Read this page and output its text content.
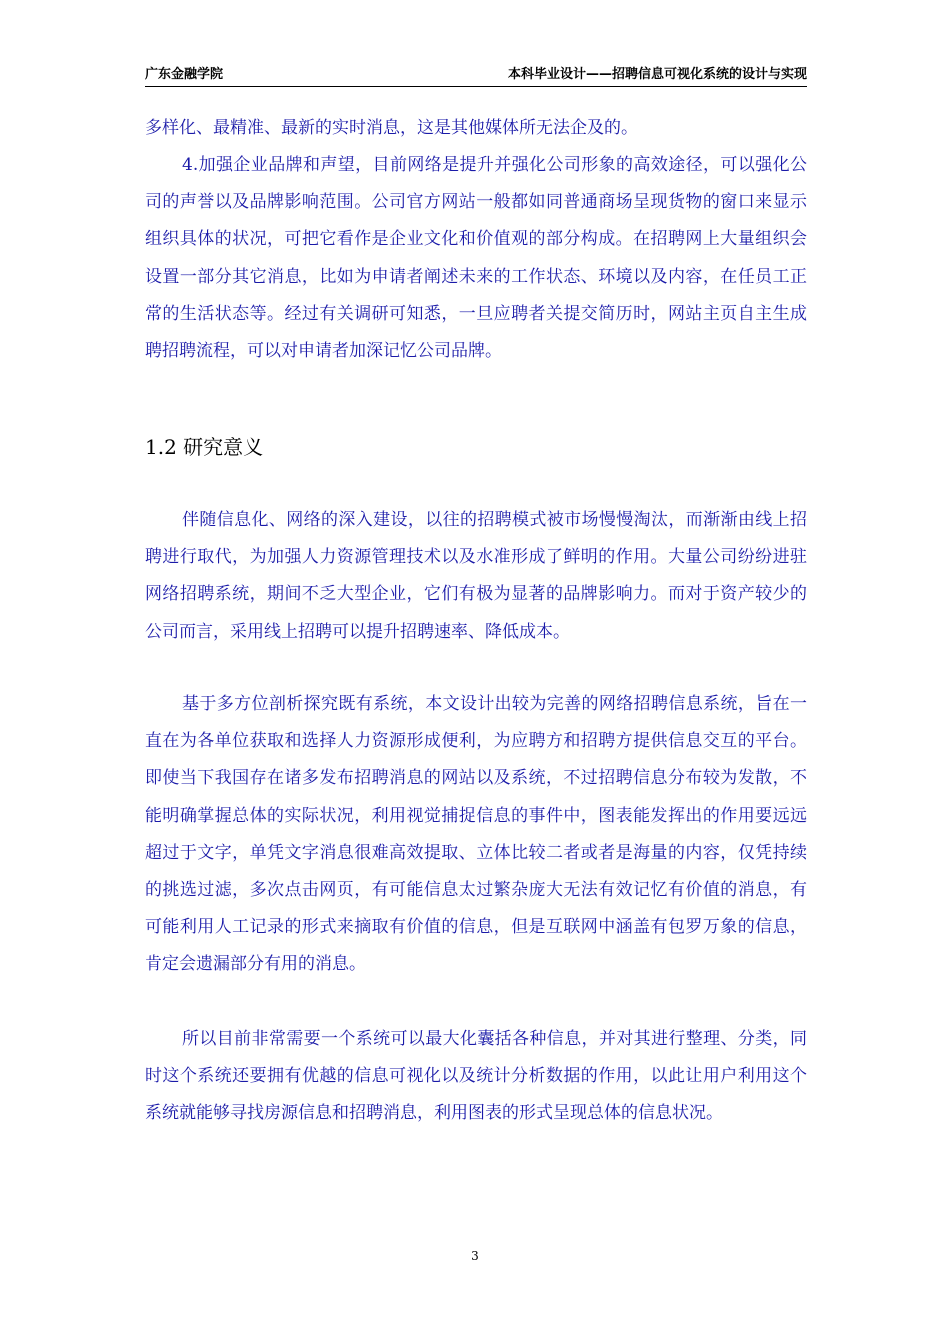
广东金融学院	本科毕业设计——招聘信息可视化系统的设计与实现

多样化、最精准、最新的实时消息，这是其他媒体所无法企及的。

4.加强企业品牌和声望，目前网络是提升并强化公司形象的高效途径，可以强化公司的声誉以及品牌影响范围。公司官方网站一般都如同普通商场呈现货物的窗口来显示组织具体的状况，可把它看作是企业文化和价值观的部分构成。在招聘网上大量组织会设置一部分其它消息，比如为申请者阐述未来的工作状态、环境以及内容，在任员工正常的生活状态等。经过有关调研可知悉，一旦应聘者关提交简历时，网站主页自主生成聘招聘流程，可以对申请者加深记忆公司品牌。

1.2 研究意义

伴随信息化、网络的深入建设，以往的招聘模式被市场慢慢淘汰，而渐渐由线上招聘进行取代，为加强人力资源管理技术以及水准形成了鲜明的作用。大量公司纷纷进驻网络招聘系统，期间不乏大型企业，它们有极为显著的品牌影响力。而对于资产较少的公司而言，采用线上招聘可以提升招聘速率、降低成本。

基于多方位剖析探究既有系统，本文设计出较为完善的网络招聘信息系统，旨在一直在为各单位获取和选择人力资源形成便利，为应聘方和招聘方提供信息交互的平台。即使当下我国存在诸多发布招聘消息的网站以及系统，不过招聘信息分布较为发散，不能明确掌握总体的实际状况，利用视觉捕捉信息的事件中，图表能发挥出的作用要远远超过于文字，单凭文字消息很难高效提取、立体比较二者或者是海量的内容，仅凭持续的挑选过滤，多次点击网页，有可能信息太过繁杂庞大无法有效记忆有价值的消息，有可能利用人工记录的形式来摘取有价值的信息，但是互联网中涵盖有包罗万象的信息，肯定会遗漏部分有用的消息。

所以目前非常需要一个系统可以最大化囊括各种信息，并对其进行整理、分类，同时这个系统还要拥有优越的信息可视化以及统计分析数据的作用，以此让用户利用这个系统就能够寻找房源信息和招聘消息，利用图表的形式呈现总体的信息状况。

3
